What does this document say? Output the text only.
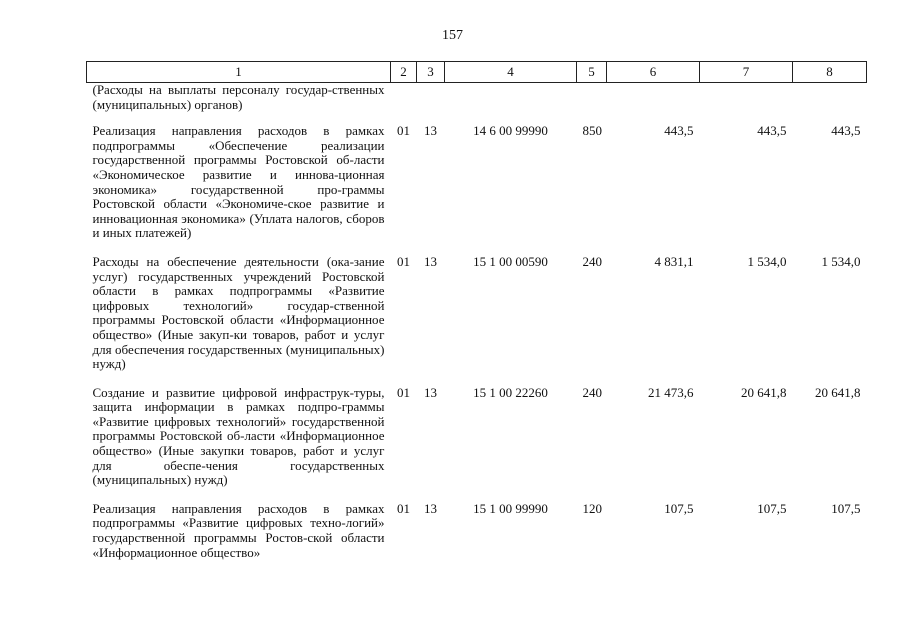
157
1	2	3	4	5	6	7	8
(Расходы на выплаты персоналу государ-ственных (муниципальных) органов)							
Реализация направления расходов в рамках подпрограммы «Обеспечение реализации государственной программы Ростовской об-ласти «Экономическое развитие и иннова-ционная экономика» государственной про-граммы Ростовской области «Экономиче-ское развитие и инновационная экономика» (Уплата налогов, сборов и иных платежей)	01	13	14 6 00 99990	850	443,5	443,5	443,5
Расходы на обеспечение деятельности (ока-зание услуг) государственных учреждений Ростовской области в рамках подпрограммы «Развитие цифровых технологий» государ-ственной программы Ростовской области «Информационное общество» (Иные закуп-ки товаров, работ и услуг для обеспечения государственных (муниципальных) нужд)	01	13	15 1 00 00590	240	4 831,1	1 534,0	1 534,0
Создание и развитие цифровой инфраструк-туры, защита информации в рамках подпро-граммы «Развитие цифровых технологий» государственной программы Ростовской об-ласти «Информационное общество» (Иные закупки товаров, работ и услуг для обеспе-чения государственных (муниципальных) нужд)	01	13	15 1 00 22260	240	21 473,6	20 641,8	20 641,8
Реализация направления расходов в рамках подпрограммы «Развитие цифровых техно-логий» государственной программы Ростов-ской области «Информационное общество»	01	13	15 1 00 99990	120	107,5	107,5	107,5
